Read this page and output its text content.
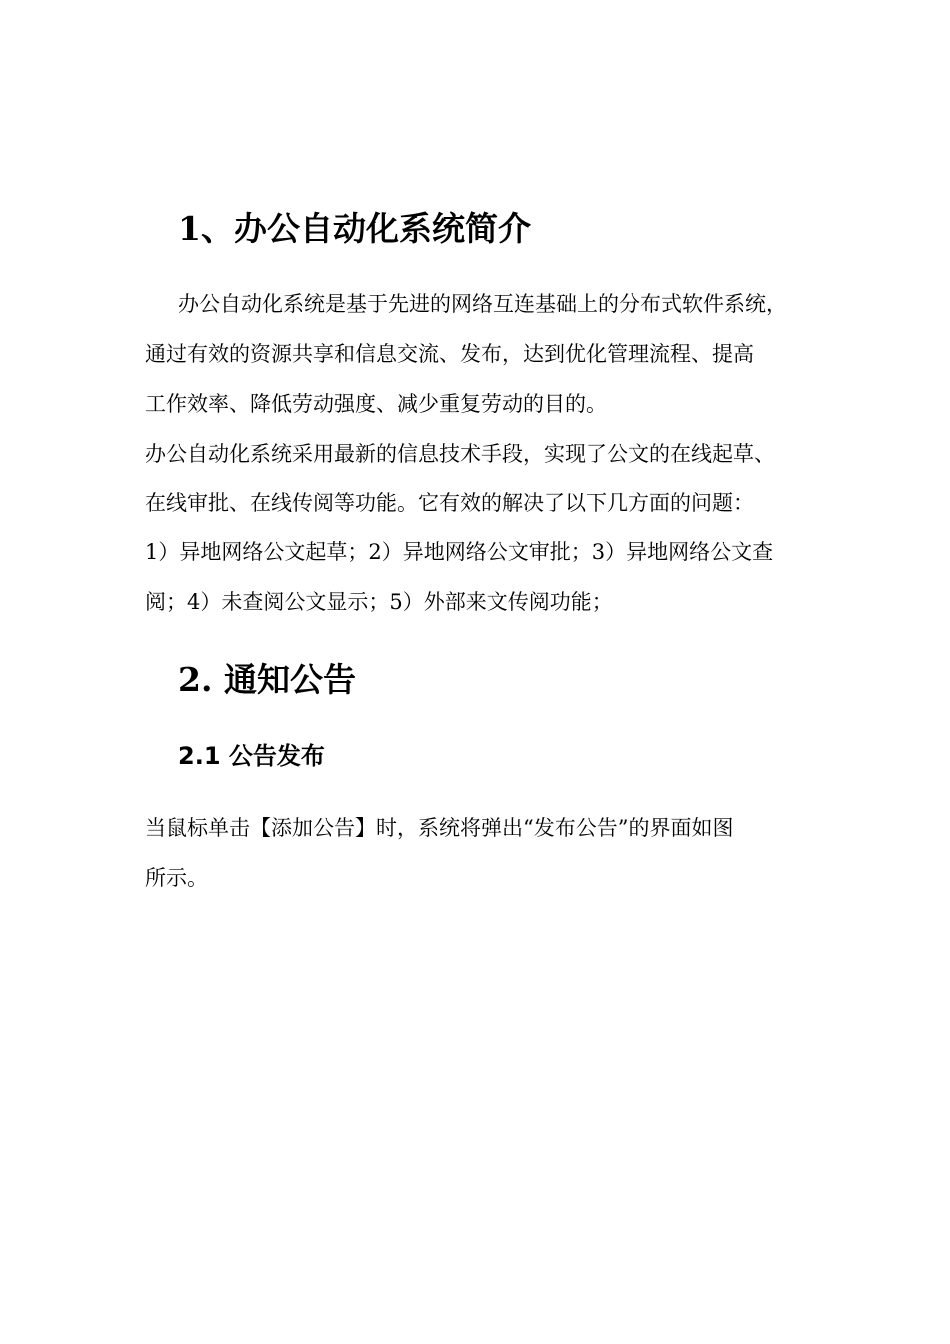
1、办公自动化系统简介

办公自动化系统是基于先进的网络互连基础上的分布式软件系统，

通过有效的资源共享和信息交流、发布，达到优化管理流程、提高

工作效率、降低劳动强度、减少重复劳动的目的。

办公自动化系统采用最新的信息技术手段，实现了公文的在线起草、

在线审批、在线传阅等功能。它有效的解决了以下几方面的问题：

1）异地网络公文起草；2）异地网络公文审批；3）异地网络公文查

阅；4）未查阅公文显示；5）外部来文传阅功能；

2. 通知公告
2.1 公告发布

当鼠标单击【添加公告】时，系统将弹出“发布公告”的界面如图

所示。
